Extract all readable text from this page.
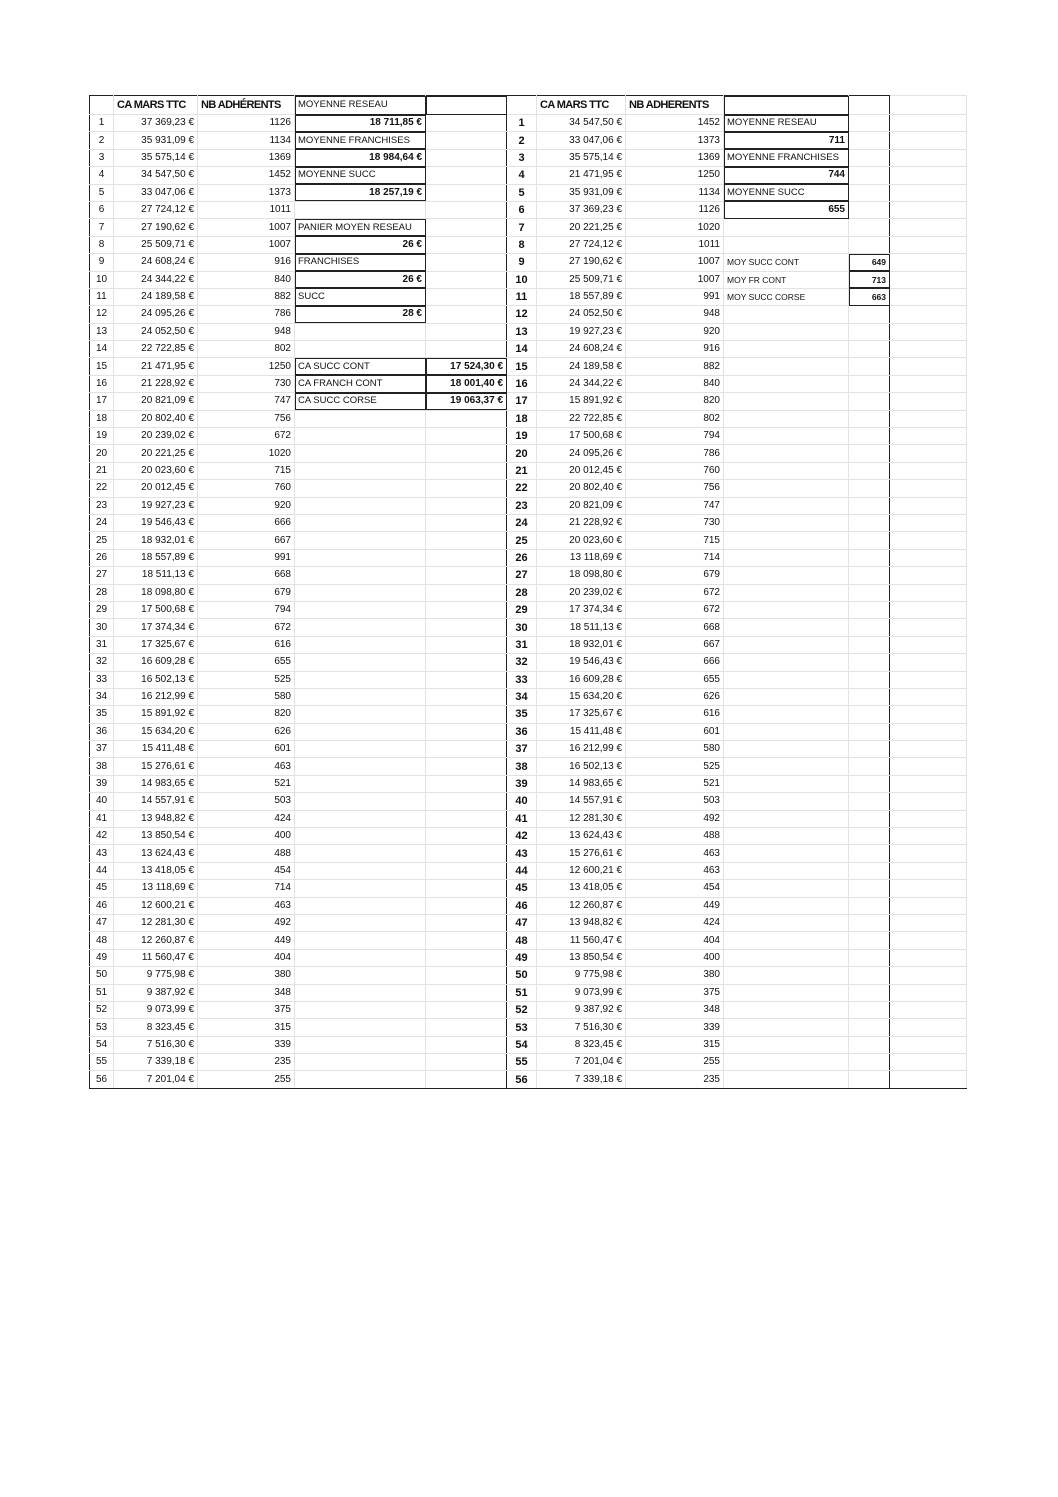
	CA MARS TTC	NB ADHÉRENTS	MOYENNE RESEAU			CA MARS TTC	NB ADHERENTS			
1	37 369,23 €	1126	18 711,85 €		1	34 547,50 €	1452	MOYENNE RESEAU		
2	35 931,09 €	1134	MOYENNE FRANCHISES		2	33 047,06 €	1373	711		
3	35 575,14 €	1369	18 984,64 €		3	35 575,14 €	1369	MOYENNE FRANCHISES		
4	34 547,50 €	1452	MOYENNE SUCC		4	21 471,95 €	1250	744		
5	33 047,06 €	1373	18 257,19 €		5	35 931,09 €	1134	MOYENNE SUCC		
6	27 724,12 €	1011			6	37 369,23 €	1126	655		
7	27 190,62 €	1007	PANIER MOYEN RESEAU		7	20 221,25 €	1020			
8	25 509,71 €	1007	26 €		8	27 724,12 €	1011			
9	24 608,24 €	916	FRANCHISES		9	27 190,62 €	1007	MOY SUCC CONT	649	
10	24 344,22 €	840	26 €		10	25 509,71 €	1007	MOY FR CONT	713	
11	24 189,58 €	882	SUCC		11	18 557,89 €	991	MOY SUCC CORSE	663	
12	24 095,26 €	786	28 €		12	24 052,50 €	948			
13	24 052,50 €	948			13	19 927,23 €	920			
14	22 722,85 €	802			14	24 608,24 €	916			
15	21 471,95 €	1250	CA SUCC CONT	17 524,30 €	15	24 189,58 €	882			
16	21 228,92 €	730	CA FRANCH CONT	18 001,40 €	16	24 344,22 €	840			
17	20 821,09 €	747	CA SUCC CORSE	19 063,37 €	17	15 891,92 €	820			
18	20 802,40 €	756			18	22 722,85 €	802			
19	20 239,02 €	672			19	17 500,68 €	794			
20	20 221,25 €	1020			20	24 095,26 €	786			
21	20 023,60 €	715			21	20 012,45 €	760			
22	20 012,45 €	760			22	20 802,40 €	756			
23	19 927,23 €	920			23	20 821,09 €	747			
24	19 546,43 €	666			24	21 228,92 €	730			
25	18 932,01 €	667			25	20 023,60 €	715			
26	18 557,89 €	991			26	13 118,69 €	714			
27	18 511,13 €	668			27	18 098,80 €	679			
28	18 098,80 €	679			28	20 239,02 €	672			
29	17 500,68 €	794			29	17 374,34 €	672			
30	17 374,34 €	672			30	18 511,13 €	668			
31	17 325,67 €	616			31	18 932,01 €	667			
32	16 609,28 €	655			32	19 546,43 €	666			
33	16 502,13 €	525			33	16 609,28 €	655			
34	16 212,99 €	580			34	15 634,20 €	626			
35	15 891,92 €	820			35	17 325,67 €	616			
36	15 634,20 €	626			36	15 411,48 €	601			
37	15 411,48 €	601			37	16 212,99 €	580			
38	15 276,61 €	463			38	16 502,13 €	525			
39	14 983,65 €	521			39	14 983,65 €	521			
40	14 557,91 €	503			40	14 557,91 €	503			
41	13 948,82 €	424			41	12 281,30 €	492			
42	13 850,54 €	400			42	13 624,43 €	488			
43	13 624,43 €	488			43	15 276,61 €	463			
44	13 418,05 €	454			44	12 600,21 €	463			
45	13 118,69 €	714			45	13 418,05 €	454			
46	12 600,21 €	463			46	12 260,87 €	449			
47	12 281,30 €	492			47	13 948,82 €	424			
48	12 260,87 €	449			48	11 560,47 €	404			
49	11 560,47 €	404			49	13 850,54 €	400			
50	9 775,98 €	380			50	9 775,98 €	380			
51	9 387,92 €	348			51	9 073,99 €	375			
52	9 073,99 €	375			52	9 387,92 €	348			
53	8 323,45 €	315			53	7 516,30 €	339			
54	7 516,30 €	339			54	8 323,45 €	315			
55	7 339,18 €	235			55	7 201,04 €	255			
56	7 201,04 €	255			56	7 339,18 €	235			
